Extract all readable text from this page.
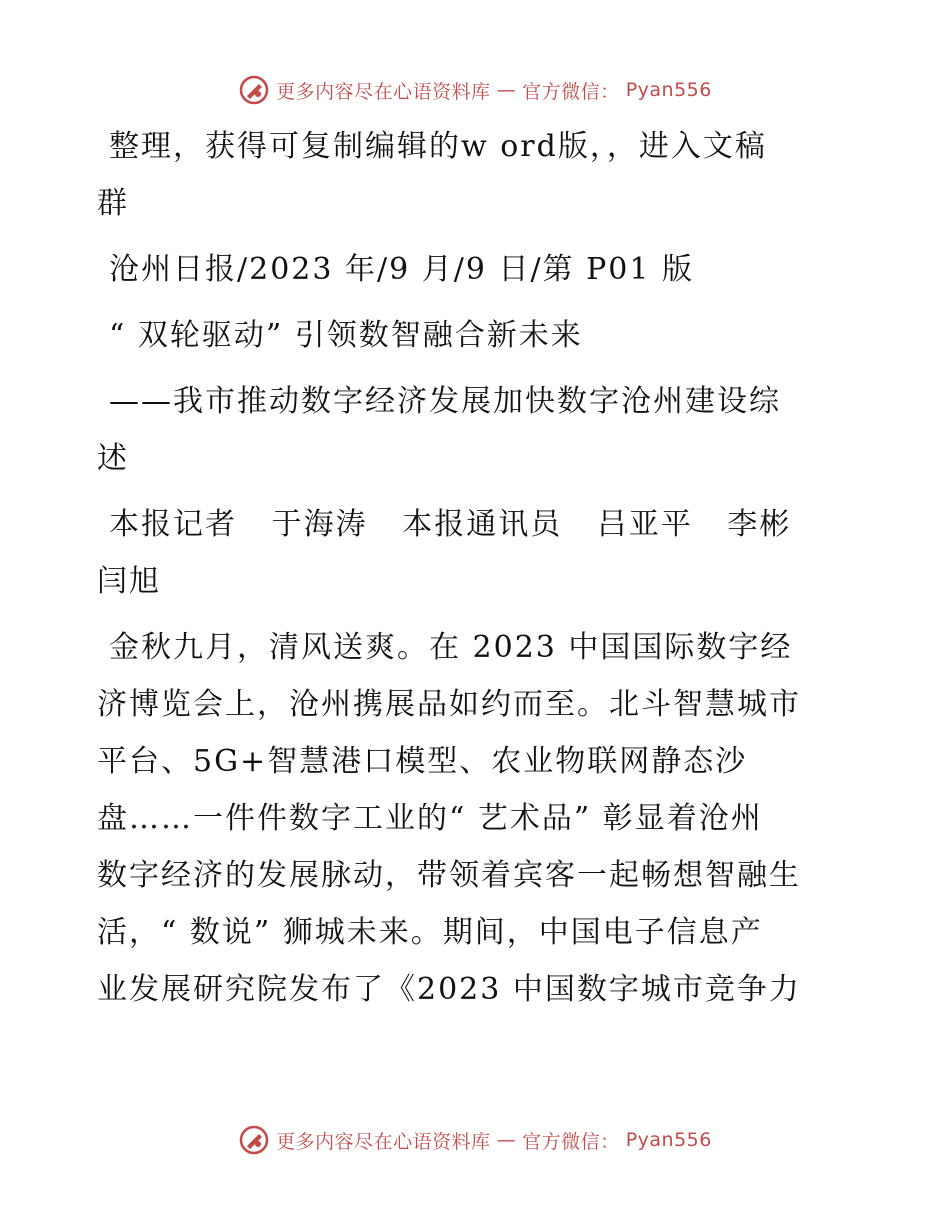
更多内容尽在心语资料库 — 官方微信： Pyan556

整理，获得可复制编辑的w ord版，，进入文稿
群

沧州日报/2023 年/9 月/9 日/第 P01 版

“ 双轮驱动” 引领数智融合新未来

——我市推动数字经济发展加快数字沧州建设综
述

本报记者   于海涛   本报通讯员   吕亚平   李彬
闫旭

金秋九月，清风送爽。在 2023 中国国际数字经
济博览会上，沧州携展品如约而至。北斗智慧城市
平台、5G+智慧港口模型、农业物联网静态沙
盘……一件件数字工业的“ 艺术品” 彰显着沧州
数字经济的发展脉动，带领着宾客一起畅想智融生
活，“ 数说” 狮城未来。期间，中国电子信息产
业发展研究院发布了《2023 中国数字城市竞争力

更多内容尽在心语资料库 — 官方微信： Pyan556
